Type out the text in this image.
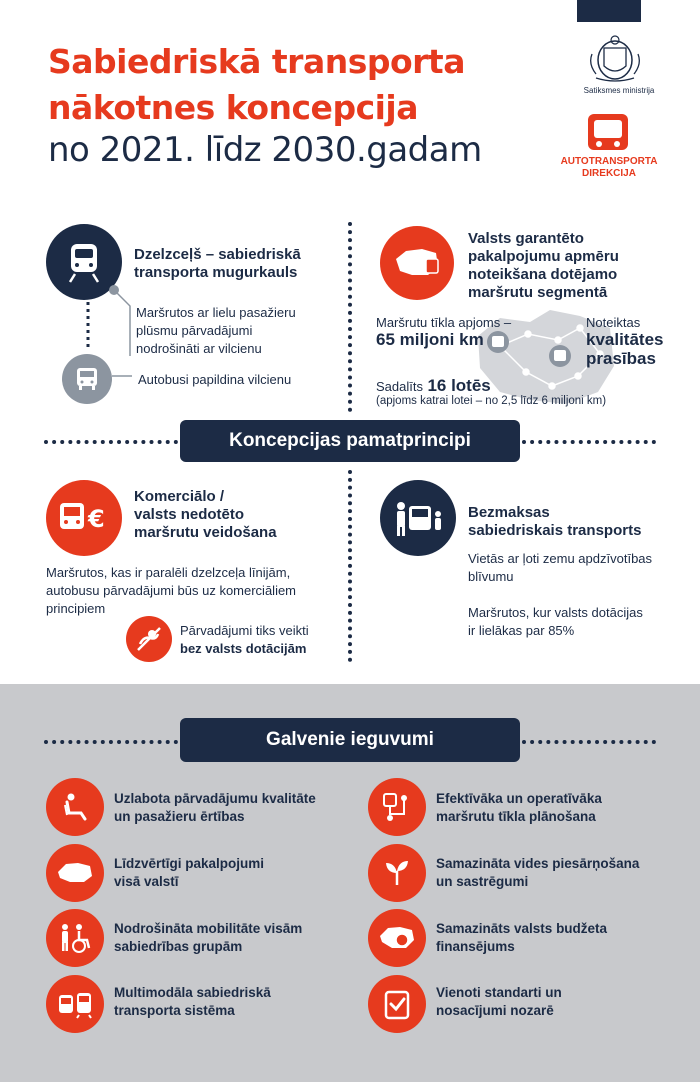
Sabiedriskā transporta
nākotnes koncepcija
no 2021. līdz 2030.gadam
Satiksmes ministrija
AUTOTRANSPORTA
DIREKCIJA
Dzelzceļš – sabiedriskā
transporta mugurkauls
Maršrutos ar lielu pasažieru
plūsmu pārvadājumi
nodrošināti ar vilcienu
Autobusi papildina vilcienu
Valsts garantēto
pakalpojumu apmēru
noteikšana dotējamo
maršrutu segmentā
Maršrutu tīkla apjoms –
65 miljoni km
Noteiktas
kvalitātes
prasības
Sadalīts 16 lotēs
(apjoms katrai lotei – no 2,5 līdz 6 miljoni km)
Koncepcijas pamatprincipi
€
Komerciālo /
valsts nedotēto
maršrutu veidošana
Maršrutos, kas ir paralēli dzelzceļa līnijām,
autobusu pārvadājumi būs uz komerciāliem
principiem
Pārvadājumi tiks veikti
bez valsts dotācijām
Bezmaksas
sabiedriskais transports
Vietās ar ļoti zemu apdzīvotības
blīvumu
Maršrutos, kur valsts dotācijas
ir lielākas par 85%
Galvenie ieguvumi
Uzlabota pārvadājumu kvalitāte
un pasažieru ērtības
Efektīvāka un operatīvāka
maršrutu tīkla plānošana
Līdzvērtīgi pakalpojumi
visā valstī
Samazināta vides piesārņošana
un sastrēgumi
Nodrošināta mobilitāte visām
sabiedrības grupām
Samazināts valsts budžeta
finansējums
Multimodāla sabiedriskā
transporta sistēma
Vienoti standarti un
nosacījumi nozarē
